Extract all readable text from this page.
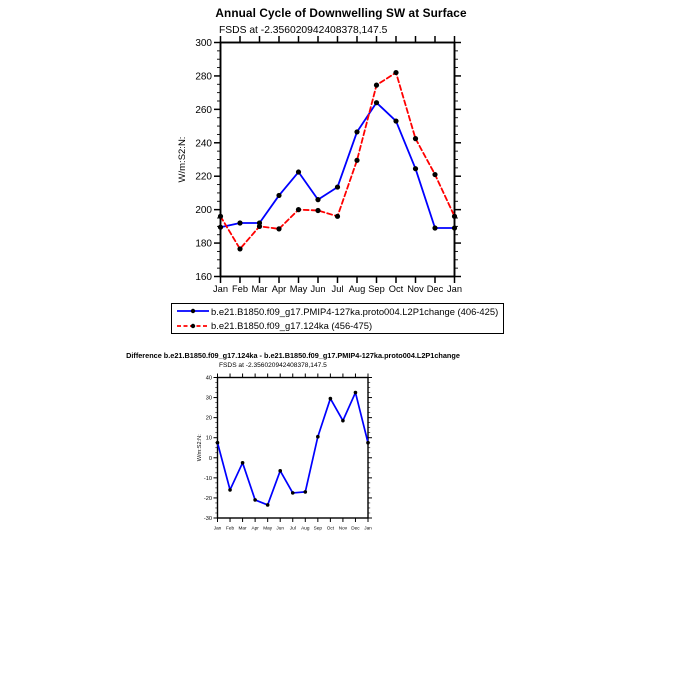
Annual Cycle of Downwelling SW at Surface
FSDS at -2.356020942408378,147.5
160
180
200
220
240
260
280
300
Jan Feb Mar Apr May Jun Jul Aug Sep Oct Nov Dec Jan
W/m:S2:N:
-30
-20
-10
0
10
20
30
40
Jan Feb Mar Apr May Jun Jul Aug Sep Oct Nov Dec Jan
W/m:S2:N:
b.e21.B1850.f09_g17.PMIP4-127ka.proto004.L2P1change (406-425)
b.e21.B1850.f09_g17.124ka (456-475)
Difference b.e21.B1850.f09_g17.124ka - b.e21.B1850.f09_g17.PMIP4-127ka.proto004.L2P1change
FSDS at -2.356020942408378,147.5
